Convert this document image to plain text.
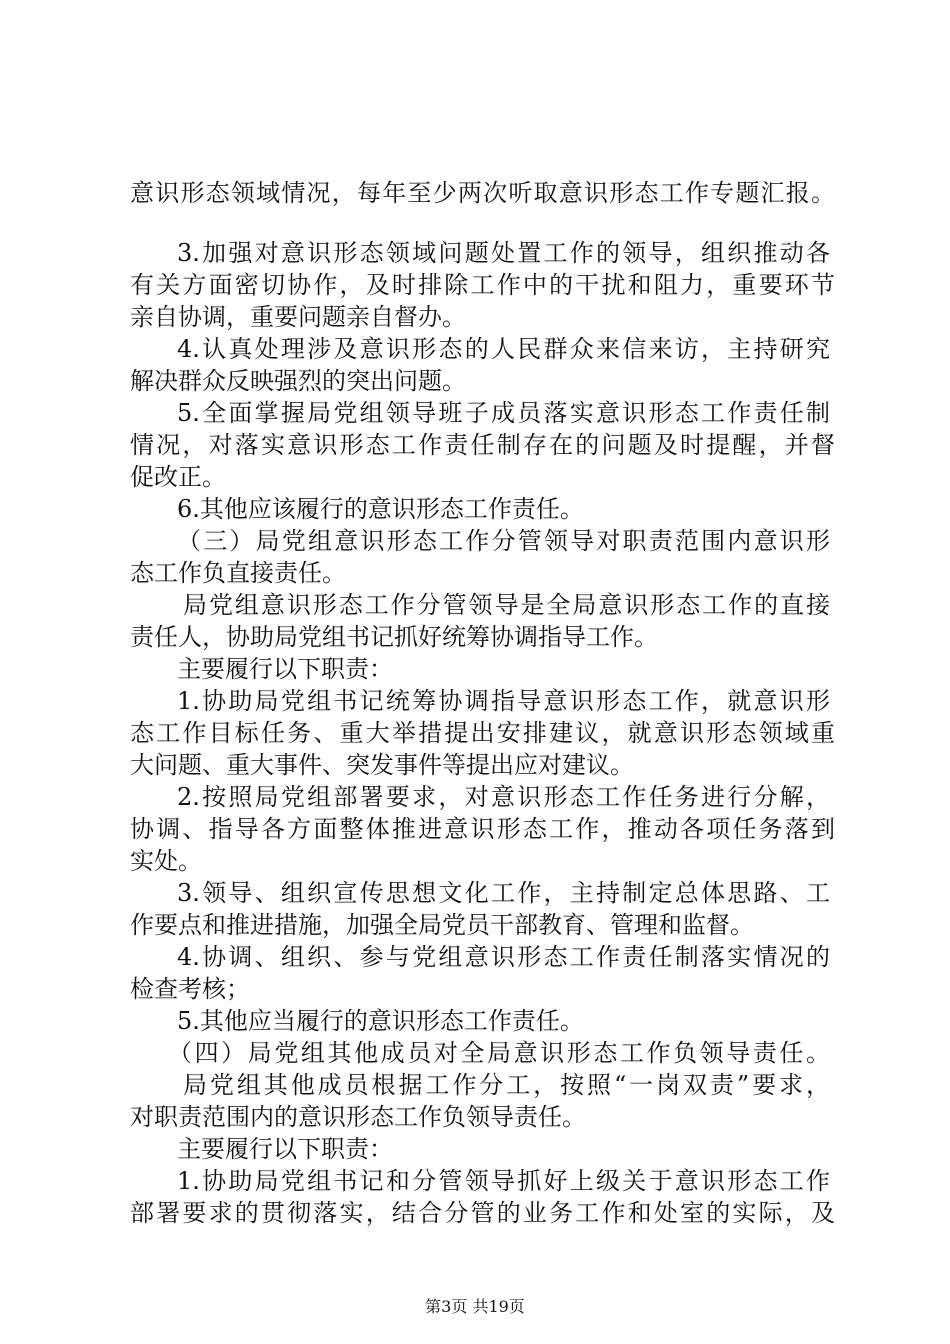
意识形态领域情况，每年至少两次听取意识形态工作专题汇报。
3.加强对意识形态领域问题处置工作的领导，组织推动各
有关方面密切协作，及时排除工作中的干扰和阻力，重要环节
亲自协调，重要问题亲自督办。
4.认真处理涉及意识形态的人民群众来信来访，主持研究
解决群众反映强烈的突出问题。
5.全面掌握局党组领导班子成员落实意识形态工作责任制
情况，对落实意识形态工作责任制存在的问题及时提醒，并督
促改正。
6.其他应该履行的意识形态工作责任。
（三）局党组意识形态工作分管领导对职责范围内意识形
态工作负直接责任。
局党组意识形态工作分管领导是全局意识形态工作的直接
责任人，协助局党组书记抓好统筹协调指导工作。
主要履行以下职责：
1.协助局党组书记统筹协调指导意识形态工作，就意识形
态工作目标任务、重大举措提出安排建议，就意识形态领域重
大问题、重大事件、突发事件等提出应对建议。
2.按照局党组部署要求，对意识形态工作任务进行分解，
协调、指导各方面整体推进意识形态工作，推动各项任务落到
实处。
3.领导、组织宣传思想文化工作，主持制定总体思路、工
作要点和推进措施，加强全局党员干部教育、管理和监督。
4.协调、组织、参与党组意识形态工作责任制落实情况的
检查考核；
5.其他应当履行的意识形态工作责任。
（四）局党组其他成员对全局意识形态工作负领导责任。
局党组其他成员根据工作分工，按照“一岗双责”要求，
对职责范围内的意识形态工作负领导责任。
主要履行以下职责：
1.协助局党组书记和分管领导抓好上级关于意识形态工作
部署要求的贯彻落实，结合分管的业务工作和处室的实际，及
第3页 共19页
